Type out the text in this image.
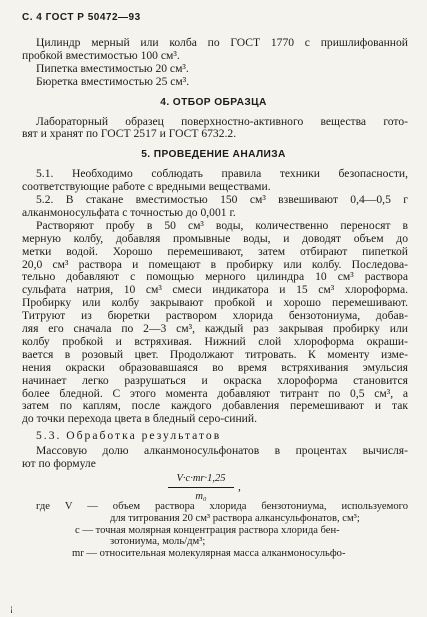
С. 4 ГОСТ Р 50472—93
Цилиндр мерный или колба по ГОСТ 1770 с пришлифованной
пробкой вместимостью 100 см³.
Пипетка вместимостью 20 см³.
Бюретка вместимостью 25 см³.
4. ОТБОР ОБРАЗЦА
Лабораторный образец поверхностно-активного вещества гото-
вят и хранят по ГОСТ 2517 и ГОСТ 6732.2.
5. ПРОВЕДЕНИЕ АНАЛИЗА
5.1. Необходимо соблюдать правила техники безопасности,
соответствующие работе с вредными веществами.
5.2. В стакане вместимостью 150 см³ взвешивают 0,4—0,5 г
алканмоносульфата с точностью до 0,001 г.
Растворяют пробу в 50 см³ воды, количественно переносят в
мерную колбу, добавляя промывные воды, и доводят объем до
метки водой. Хорошо перемешивают, затем отбирают пипеткой
20,0 см³ раствора и помещают в пробирку или колбу. Последова-
тельно добавляют с помощью мерного цилиндра 10 см³ раствора
сульфата натрия, 10 см³ смеси индикатора и 15 см³ хлороформа.
Пробирку или колбу закрывают пробкой и хорошо перемешивают.
Титруют из бюретки раствором хлорида бензотониума, добав-
ляя его сначала по 2—3 см³, каждый раз закрывая пробирку или
колбу пробкой и встряхивая. Нижний слой хлороформа окраши-
вается в розовый цвет. Продолжают титровать. К моменту изме-
нения окраски образовавшаяся во время встряхивания эмульсия
начинает легко разрушаться и окраска хлороформа становится
более бледной. С этого момента добавляют титрант по 0,5 см³, а
затем по каплям, после каждого добавления перемешивают и так
до точки перехода цвета в бледный серо-синий.
5.3. Обработка результатов
Массовую долю алканмоносульфонатов в процентах вычисля-
ют по формуле
$\frac{V\cdot c\cdot mr\cdot 1,25}{\text{m₀}}$ ,
где V — объем раствора хлорида бензотониума, используемого
для титрования 20 см³ раствора алкансульфонатов, см³;
c — точная молярная концентрация раствора хлорида бен-
зотониума, моль/дм³;
mr — относительная молекулярная масса алканмоносульфо-
¡
